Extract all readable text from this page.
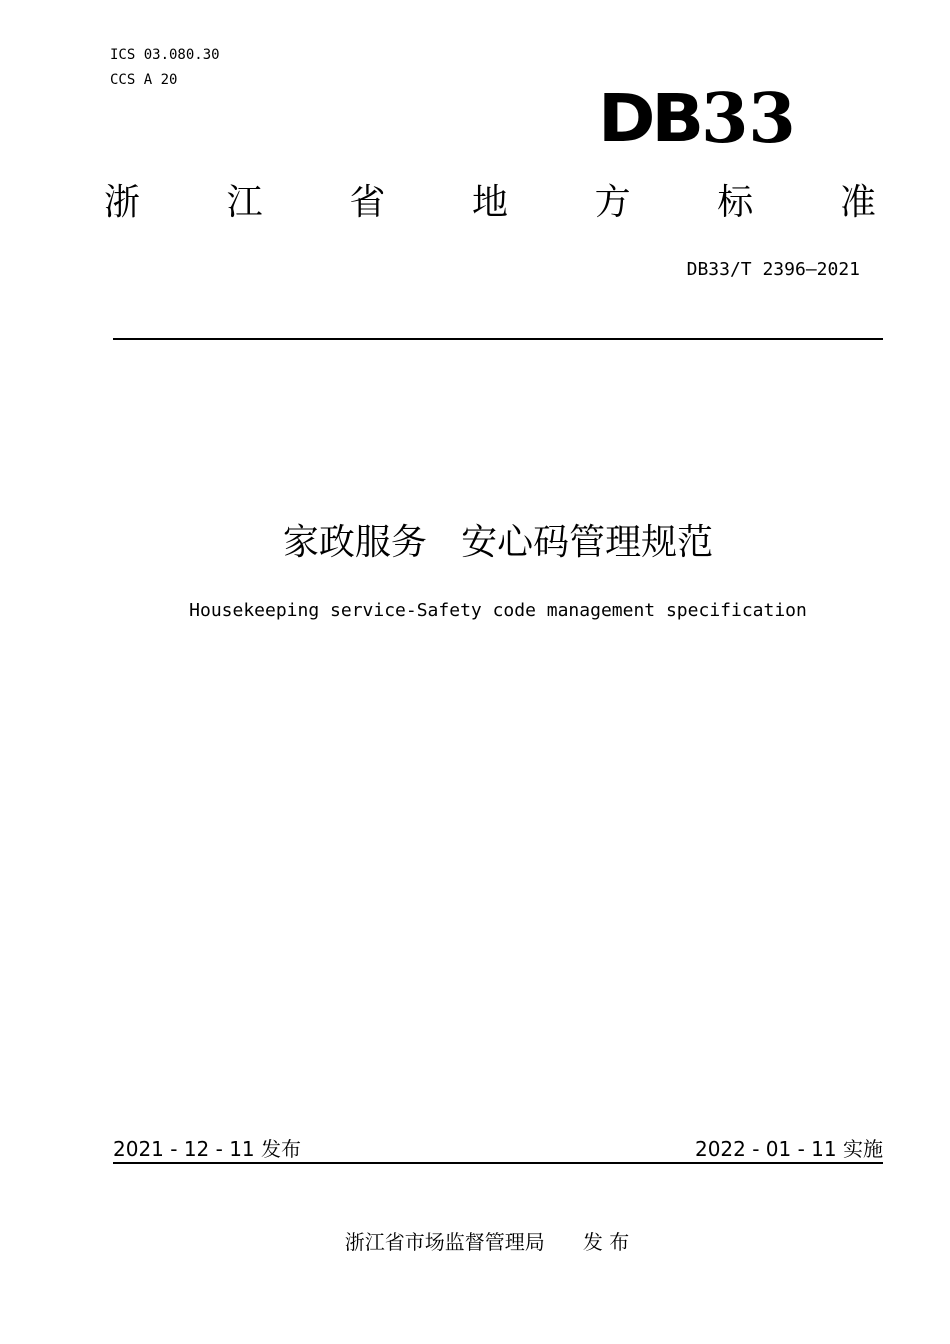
ICS 03.080.30
CCS A 20	DB 33
浙 江 省 地 方 标 准
DB33/T 2396—2021
家政服务   安心码管理规范
Housekeeping service-Safety code management specification
2021 - 12 - 11 发布	2022 - 01 - 11 实施
浙江省市场监督管理局      发 布
